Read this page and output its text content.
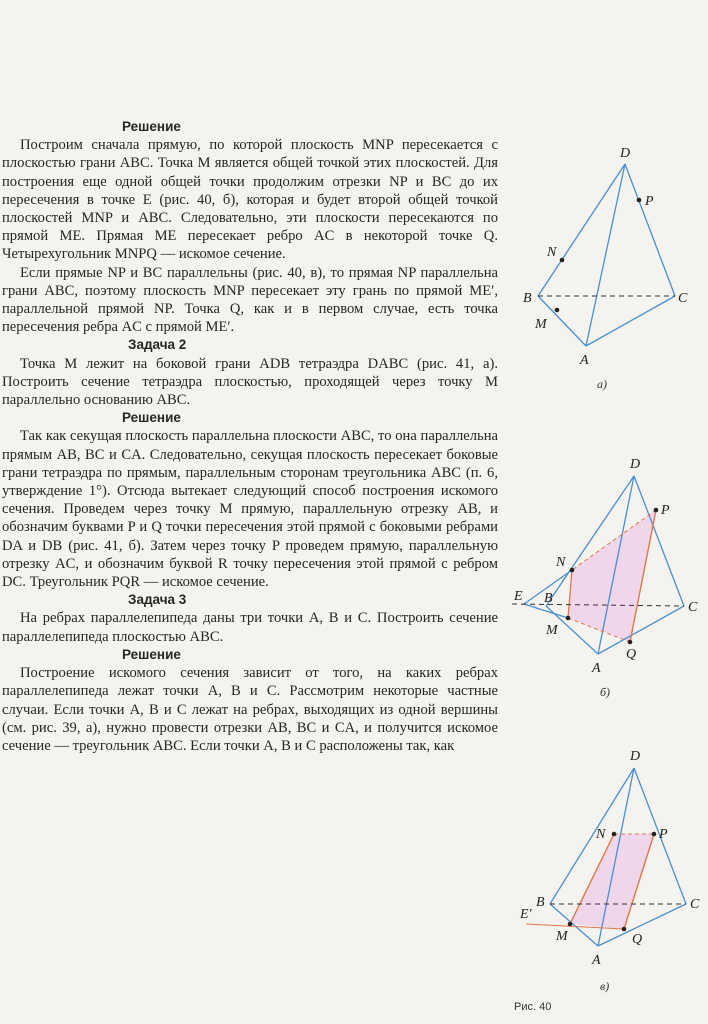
Решение

Построим сначала прямую, по которой плоскость MNP пересекается с плоскостью грани ABC. Точка M является общей точкой этих плоскостей. Для построения еще одной общей точки продолжим отрезки NP и BC до их пересечения в точке E (рис. 40, б), которая и будет второй общей точкой плоскостей MNP и ABC. Следовательно, эти плоскости пересекаются по прямой ME. Прямая ME пересекает ребро AC в некоторой точке Q. Четырехугольник MNPQ — искомое сечение.

Если прямые NP и BC параллельны (рис. 40, в), то прямая NP параллельна грани ABC, поэтому плоскость MNP пересекает эту грань по прямой ME′, параллельной прямой NP. Точка Q, как и в первом случае, есть точка пересечения ребра AC с прямой ME′.

Задача 2

Точка M лежит на боковой грани ADB тетраэдра DABC (рис. 41, а). Построить сечение тетраэдра плоскостью, проходящей через точку M параллельно основанию ABC.

Решение

Так как секущая плоскость параллельна плоскости ABC, то она параллельна прямым AB, BC и CA. Следовательно, секущая плоскость пересекает боковые грани тетраэдра по прямым, параллельным сторонам треугольника ABC (п. 6, утверждение 1°). Отсюда вытекает следующий способ построения искомого сечения. Проведем через точку M прямую, параллельную отрезку AB, и обозначим буквами P и Q точки пересечения этой прямой с боковыми ребрами DA и DB (рис. 41, б). Затем через точку P проведем прямую, параллельную отрезку AC, и обозначим буквой R точку пересечения этой прямой с ребром DC. Треугольник PQR — искомое сечение.

Задача 3

На ребрах параллелепипеда даны три точки A, B и C. Построить сечение параллелепипеда плоскостью ABC.

Решение

Построение искомого сечения зависит от того, на каких ребрах параллелепипеда лежат точки A, B и C. Рассмотрим некоторые частные случаи. Если точки A, B и C лежат на ребрах, выходящих из одной вершины (см. рис. 39, а), нужно провести отрезки AB, BC и CA, и получится искомое сечение — треугольник ABC. Если точки A, B и C расположены так, как

D
P
N
B	C
M
A
а)
D
P
N
E B
C
M
Q
A
б)
D
N	P
B	C
E′
M	Q
A
в)
Рис. 40
